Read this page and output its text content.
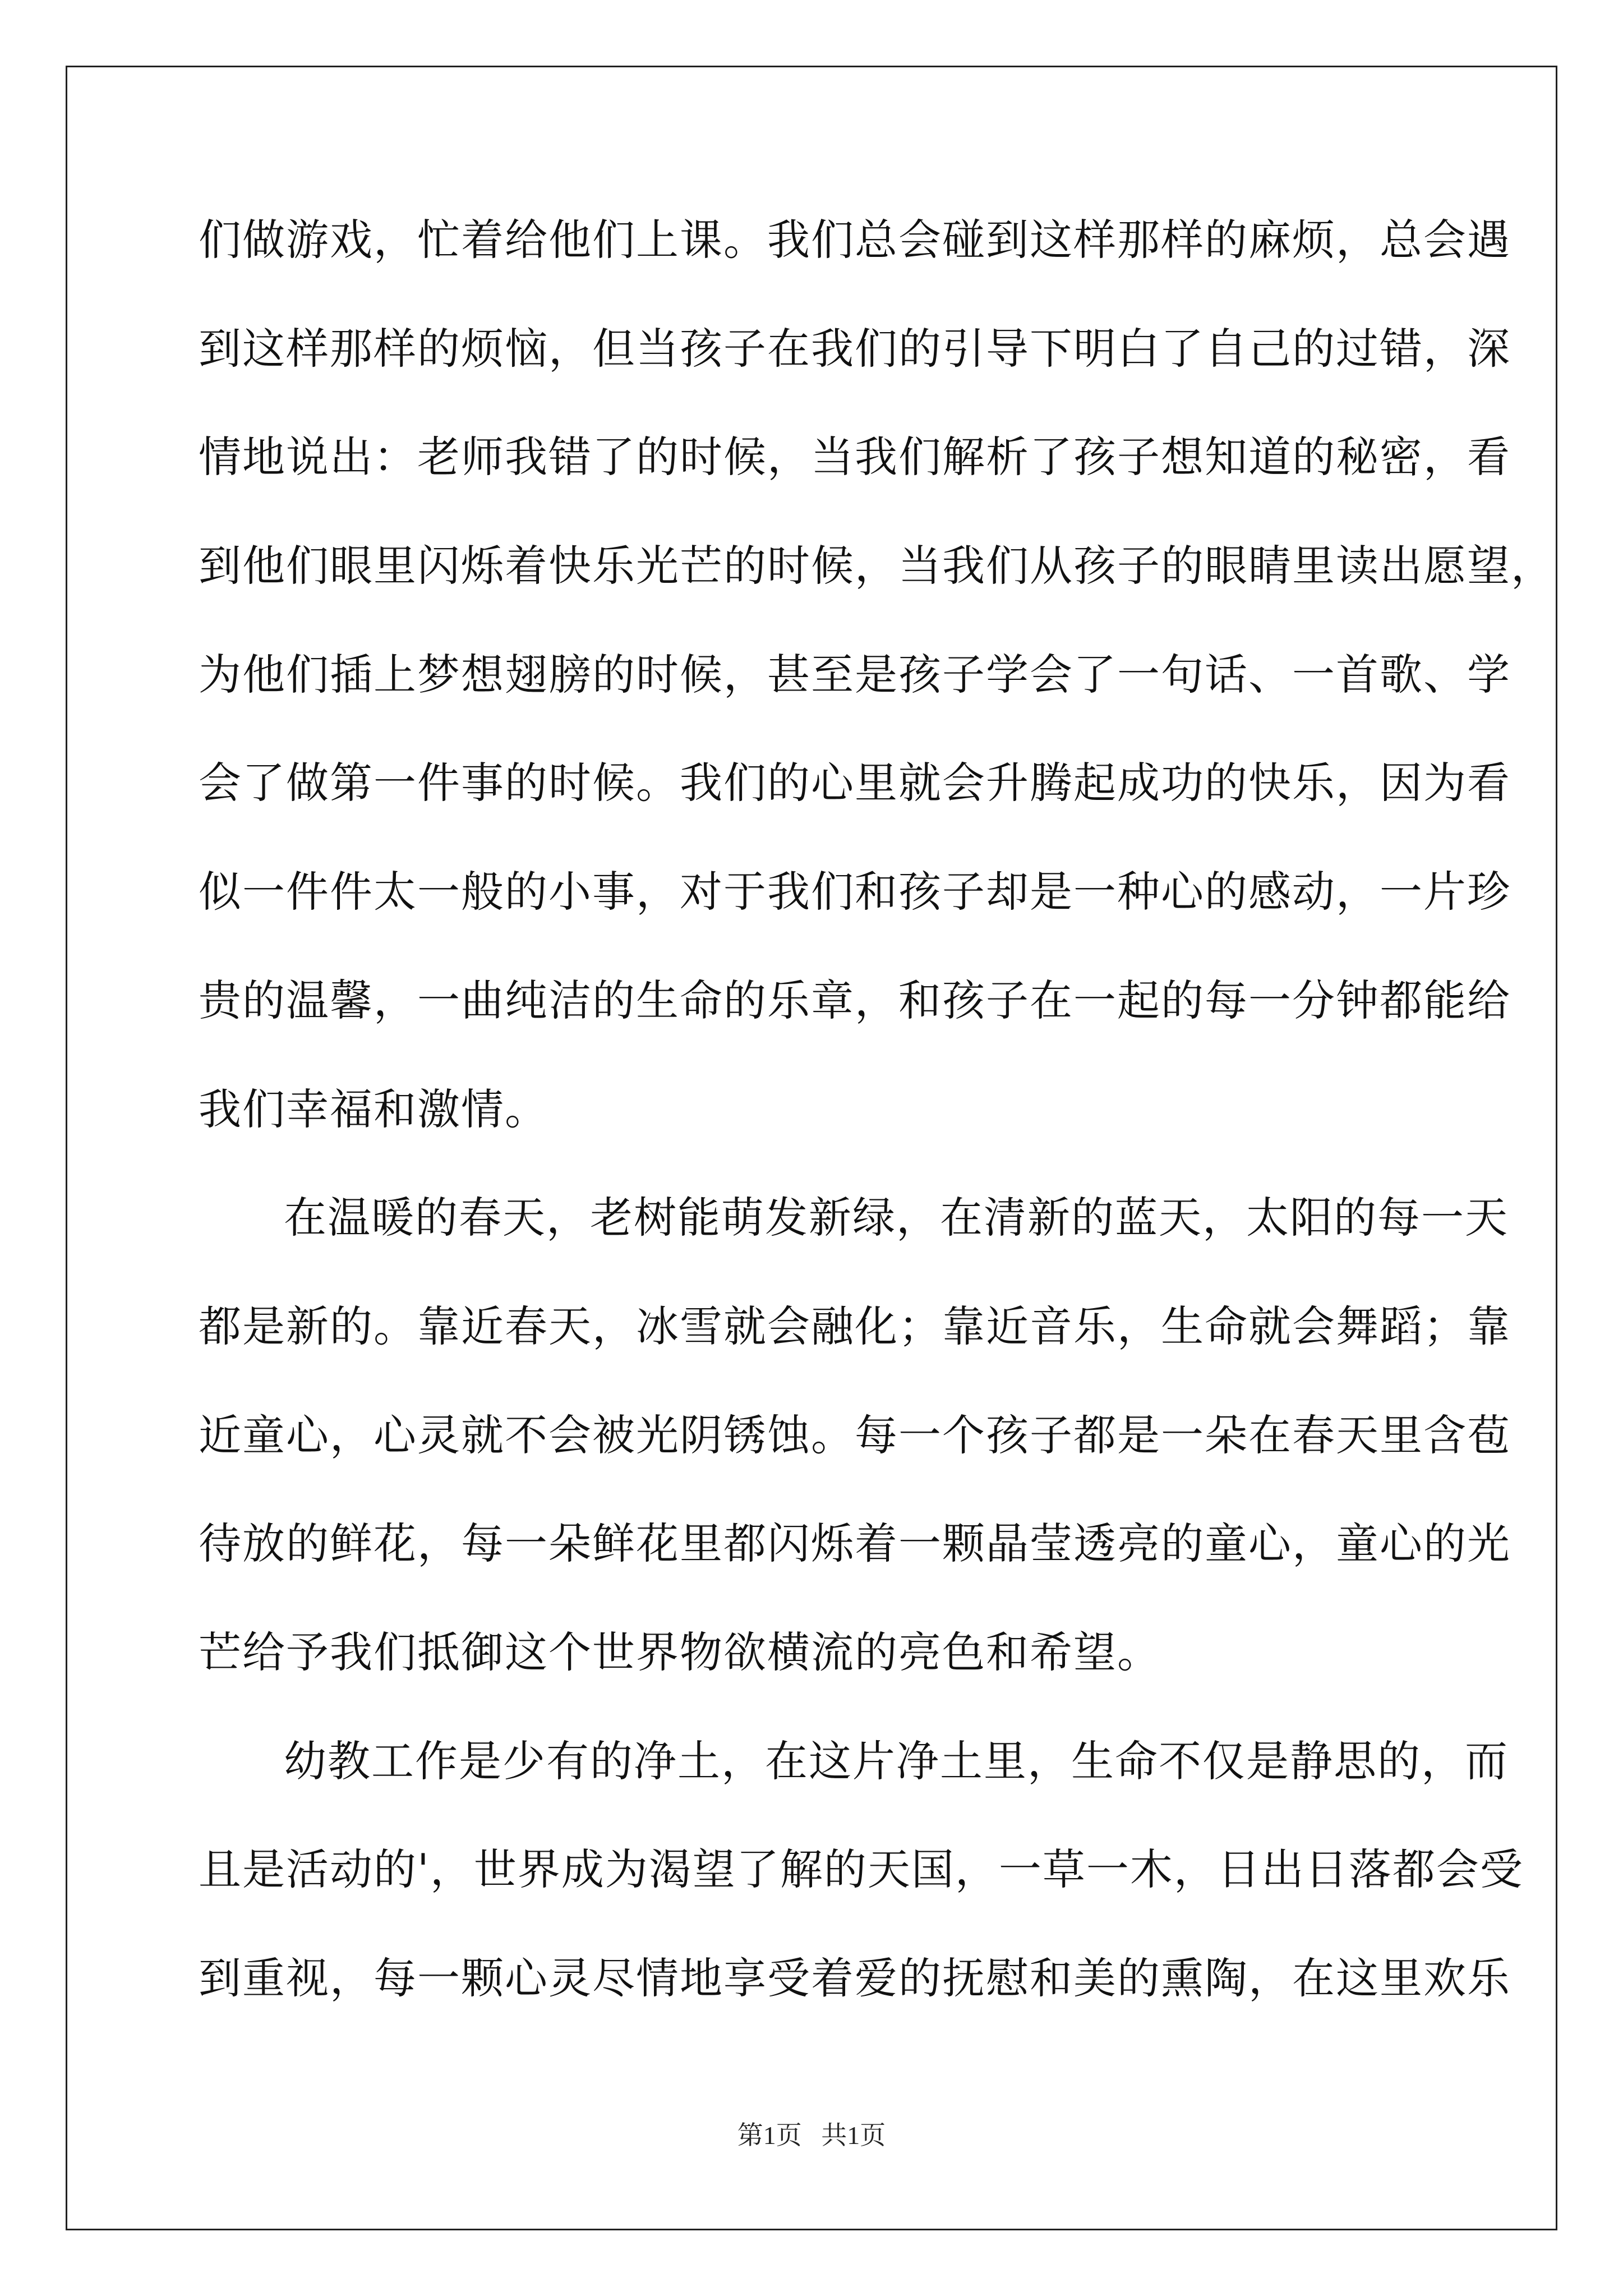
们做游戏，忙着给他们上课。我们总会碰到这样那样的麻烦，总会遇
到这样那样的烦恼，但当孩子在我们的引导下明白了自己的过错，深
情地说出：老师我错了的时候，当我们解析了孩子想知道的秘密，看
到他们眼里闪烁着快乐光芒的时候，当我们从孩子的眼睛里读出愿望，
为他们插上梦想翅膀的时候，甚至是孩子学会了一句话、一首歌、学
会了做第一件事的时候。我们的心里就会升腾起成功的快乐，因为看
似一件件太一般的小事，对于我们和孩子却是一种心的感动，一片珍
贵的温馨，一曲纯洁的生命的乐章，和孩子在一起的每一分钟都能给
我们幸福和激情。
在温暖的春天，老树能萌发新绿，在清新的蓝天，太阳的每一天
都是新的。靠近春天，冰雪就会融化；靠近音乐，生命就会舞蹈；靠
近童心，心灵就不会被光阴锈蚀。每一个孩子都是一朵在春天里含苞
待放的鲜花，每一朵鲜花里都闪烁着一颗晶莹透亮的童心，童心的光
芒给予我们抵御这个世界物欲横流的亮色和希望。
幼教工作是少有的净土，在这片净土里，生命不仅是静思的，而
且是活动的'，世界成为渴望了解的天国，一草一木，日出日落都会受
到重视，每一颗心灵尽情地享受着爱的抚慰和美的熏陶，在这里欢乐
第1页   共1页
